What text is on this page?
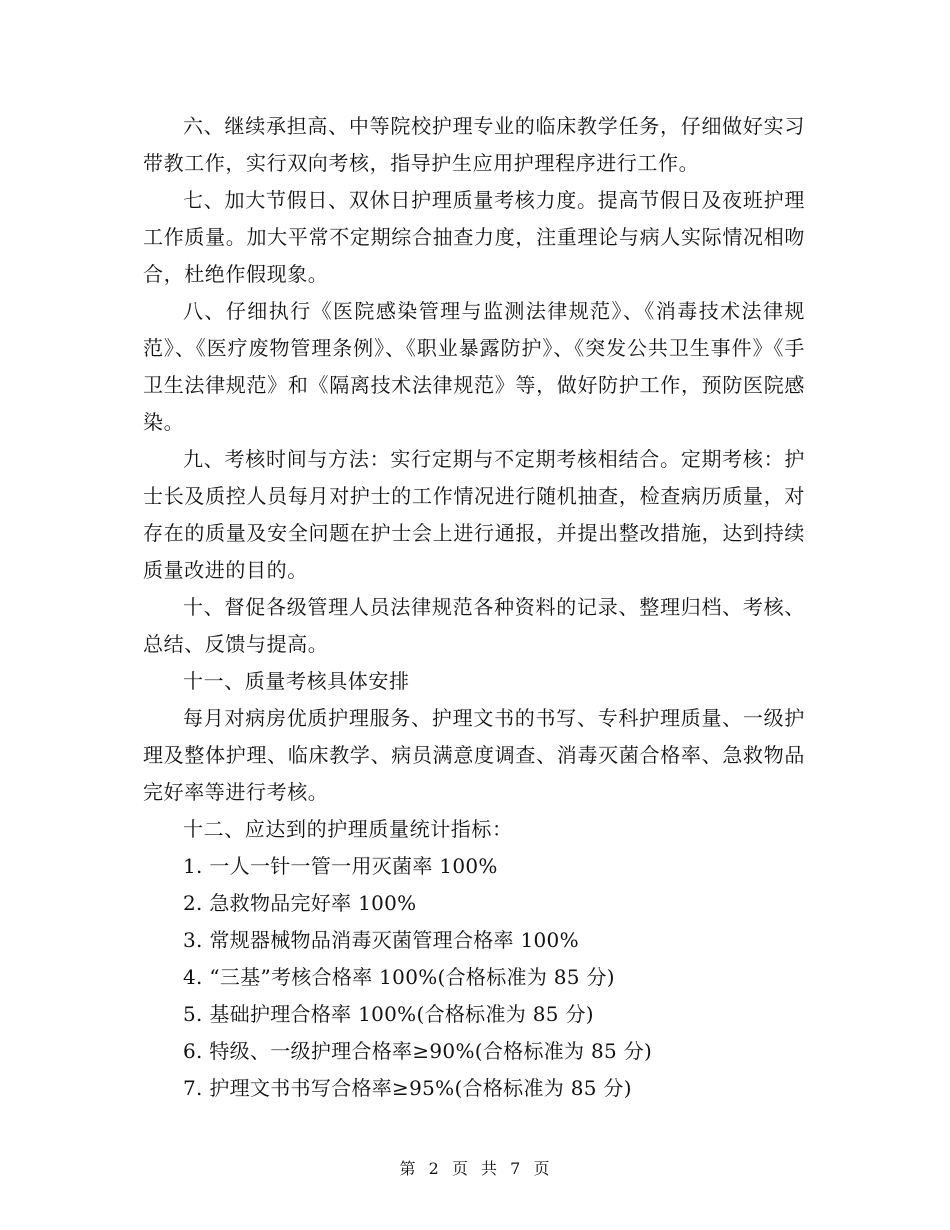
六、继续承担高、中等院校护理专业的临床教学任务，仔细做好实习带教工作，实行双向考核，指导护生应用护理程序进行工作。

七、加大节假日、双休日护理质量考核力度。提高节假日及夜班护理工作质量。加大平常不定期综合抽查力度，注重理论与病人实际情况相吻合，杜绝作假现象。

八、仔细执行《医院感染管理与监测法律规范》、《消毒技术法律规范》、《医疗废物管理条例》、《职业暴露防护》、《突发公共卫生事件》《手卫生法律规范》和《隔离技术法律规范》等，做好防护工作，预防医院感染。

九、考核时间与方法：实行定期与不定期考核相结合。定期考核：护士长及质控人员每月对护士的工作情况进行随机抽查，检查病历质量，对存在的质量及安全问题在护士会上进行通报，并提出整改措施，达到持续质量改进的目的。

十、督促各级管理人员法律规范各种资料的记录、整理归档、考核、总结、反馈与提高。

十一、质量考核具体安排

每月对病房优质护理服务、护理文书的书写、专科护理质量、一级护理及整体护理、临床教学、病员满意度调查、消毒灭菌合格率、急救物品完好率等进行考核。

十二、应达到的护理质量统计指标：

1. 一人一针一管一用灭菌率 100%

2. 急救物品完好率 100%

3. 常规器械物品消毒灭菌管理合格率 100%

4. “三基”考核合格率 100%(合格标准为 85 分)

5. 基础护理合格率 100%(合格标准为 85 分)

6. 特级、一级护理合格率≥90%(合格标准为 85 分)

7. 护理文书书写合格率≥95%(合格标准为 85 分)

第 2 页 共 7 页
